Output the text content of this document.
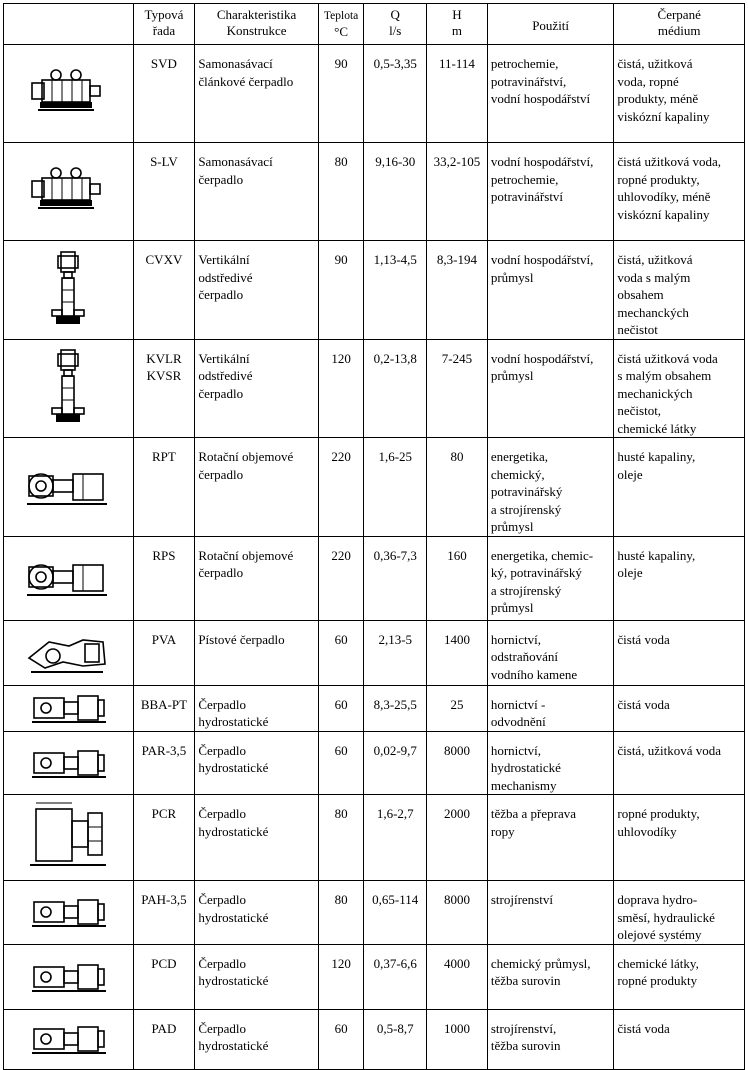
	Typová
řada	Charakteristika
Konstrukce	Teplota
°C	Q
l/s	H
m	Použití	Čerpané
médium

	SVD	Samonasávací
článkové čerpadlo	90	0,5-3,35	11-114	petrochemie,
potravinářství,
vodní hospodářství	čistá, užitková
voda, ropné
produkty, méně
viskózní kapaliny

	S-LV	Samonasávací
čerpadlo	80	9,16-30	33,2-105	vodní hospodářství,
petrochemie,
potravinářství	čistá užitková voda,
ropné produkty,
uhlovodíky, méně
viskózní kapaliny

	CVXV	Vertikální
odstředivé
čerpadlo	90	1,13-4,5	8,3-194	vodní hospodářství,
průmysl	čistá, užitková
voda s malým
obsahem
mechanckých
nečistot

	KVLR
KVSR	Vertikální
odstředivé
čerpadlo	120	0,2-13,8	7-245	vodní hospodářství,
průmysl	čistá užitková voda
s malým obsahem
mechanických
nečistot,
chemické látky

	RPT	Rotační objemové
čerpadlo	220	1,6-25	80	energetika,
chemický,
potravinářský
a strojírenský
průmysl	husté kapaliny,
oleje

	RPS	Rotační objemové
čerpadlo	220	0,36-7,3	160	energetika, chemic-
ký, potravinářský
a strojírenský
průmysl	husté kapaliny,
oleje

	PVA	Pístové čerpadlo	60	2,13-5	1400	hornictví,
odstraňování
vodního kamene	čistá voda

	BBA-PT	Čerpadlo
hydrostatické	60	8,3-25,5	25	hornictví -
odvodnění	čistá voda

	PAR-3,5	Čerpadlo
hydrostatické	60	0,02-9,7	8000	hornictví,
hydrostatické
mechanismy	čistá, užitková voda

	PCR	Čerpadlo
hydrostatické	80	1,6-2,7	2000	těžba a přeprava
ropy	ropné produkty,
uhlovodíky

	PAH-3,5	Čerpadlo
hydrostatické	80	0,65-114	8000	strojírenství	doprava hydro-
směsí, hydraulické
olejové systémy

	PCD	Čerpadlo
hydrostatické	120	0,37-6,6	4000	chemický průmysl,
těžba surovin	chemické látky,
ropné produkty

	PAD	Čerpadlo
hydrostatické	60	0,5-8,7	1000	strojírenství,
těžba surovin	čistá voda
